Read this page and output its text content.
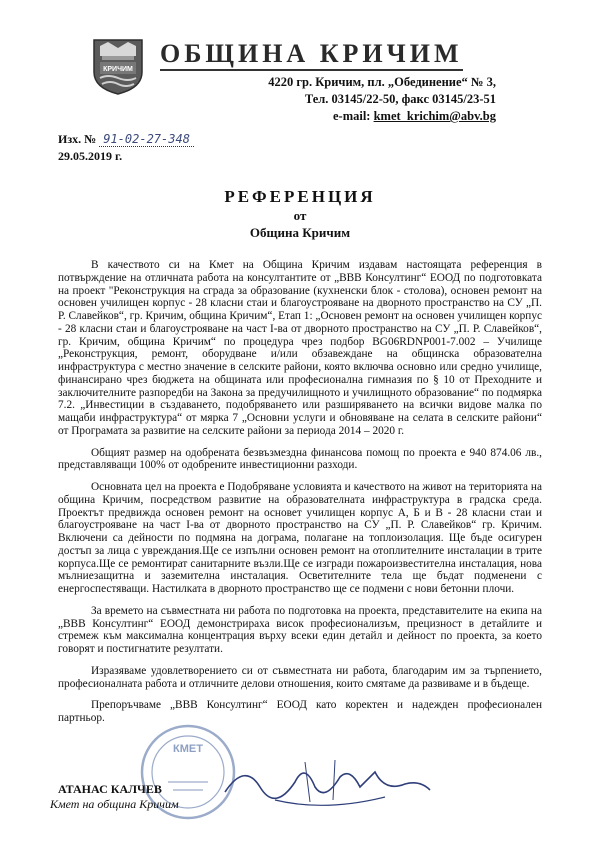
КРИЧИМ
ОБЩИНА КРИЧИМ
4220 гр. Кричим, пл. „Обединение“ № 3,
Тел. 03145/22-50, факс 03145/23-51
e-mail: kmet_krichim@abv.bg
Изх. № 91-02-27-348
29.05.2019 г.
РЕФЕРЕНЦИЯ
от
Община Кричим

В качеството си на Кмет на Община Кричим издавам настоящата референция в потвърждение на отличната работа на консултантите от „ВВВ Консултинг“ ЕООД по подготовката на проект "Реконструкция на сграда за образование (кухненски блок - столова), основен ремонт на основен училищен корпус - 28 класни стаи и благоустрояване на дворното пространство на СУ „П. Р. Славейков“, гр. Кричим, община Кричим“, Етап 1: „Основен ремонт на основен училищен корпус - 28 класни стаи и благоустрояване на част І-ва от дворното пространство на СУ „П. Р. Славейков“, гр. Кричим, община Кричим“ по процедура чрез подбор BG06RDNP001-7.002 – Училище „Реконструкция, ремонт, оборудване и/или обзавеждане на общинска образователна инфраструктура с местно значение в селските райони, която включва основно или средно училище, финансирано чрез бюджета на общината или професионална гимназия по § 10 от Преходните и заключителните разпоредби на Закона за предучилищното и училищното образование“ по подмярка 7.2. „Инвестиции в създаването, подобряването или разширяването на всички видове малка по мащаби инфраструктура“ от мярка 7 „Основни услуги и обновяване на селата в селските райони“ от Програмата за развитие на селските райони за периода 2014 – 2020 г.

Общият размер на одобрената безвъзмездна финансова помощ по проекта е 940 874.06 лв., представляващи 100% от одобрените инвестиционни разходи.

Основната цел на проекта е Подобряване условията и качеството на живот на територията на община Кричим, посредством развитие на образователната инфраструктура в градска среда. Проектът предвижда основен ремонт на основет училищен корпус А, Б и В - 28 класни стаи и благоустрояване на част І-ва от дворното пространство на СУ „П. Р. Славейков“ гр. Кричим. Включени са дейности по подмяна на дограма, полагане на топлоизолация. Ще бъде осигурен достъп за лица с увреждания.Ще се изпълни основен ремонт на отоплителните инсталации в трите корпуса.Ще се ремонтират санитарните възли.Ще се изгради пожароизвестителна инсталация, нова мълниезащитна и заземителна инсталация. Осветителните тела ще бъдат подменени с енергоспестяващи. Настилката в дворното пространство ще се подмени с нови бетонни плочи.

За времето на съвместната ни работа по подготовка на проекта, представителите на екипа на „ВВВ Консултинг“ ЕООД демонстрираха висок професионализъм, прецизност в детайлите и стремеж към максимална концентрация върху всеки един детайл и дейност по проекта, за което говорят и постигнатите резултати.

Изразяваме удовлетворението си от съвместната ни работа, благодарим им за търпението, професионалната работа и отличните делови отношения, които смятаме да развиваме и в бъдеще.

Препоръчваме „ВВВ Консултинг“ ЕООД като коректен и надежден професионален партньор.

КМЕТ
АТАНАС КАЛЧЕВ
Кмет на община Кричим
